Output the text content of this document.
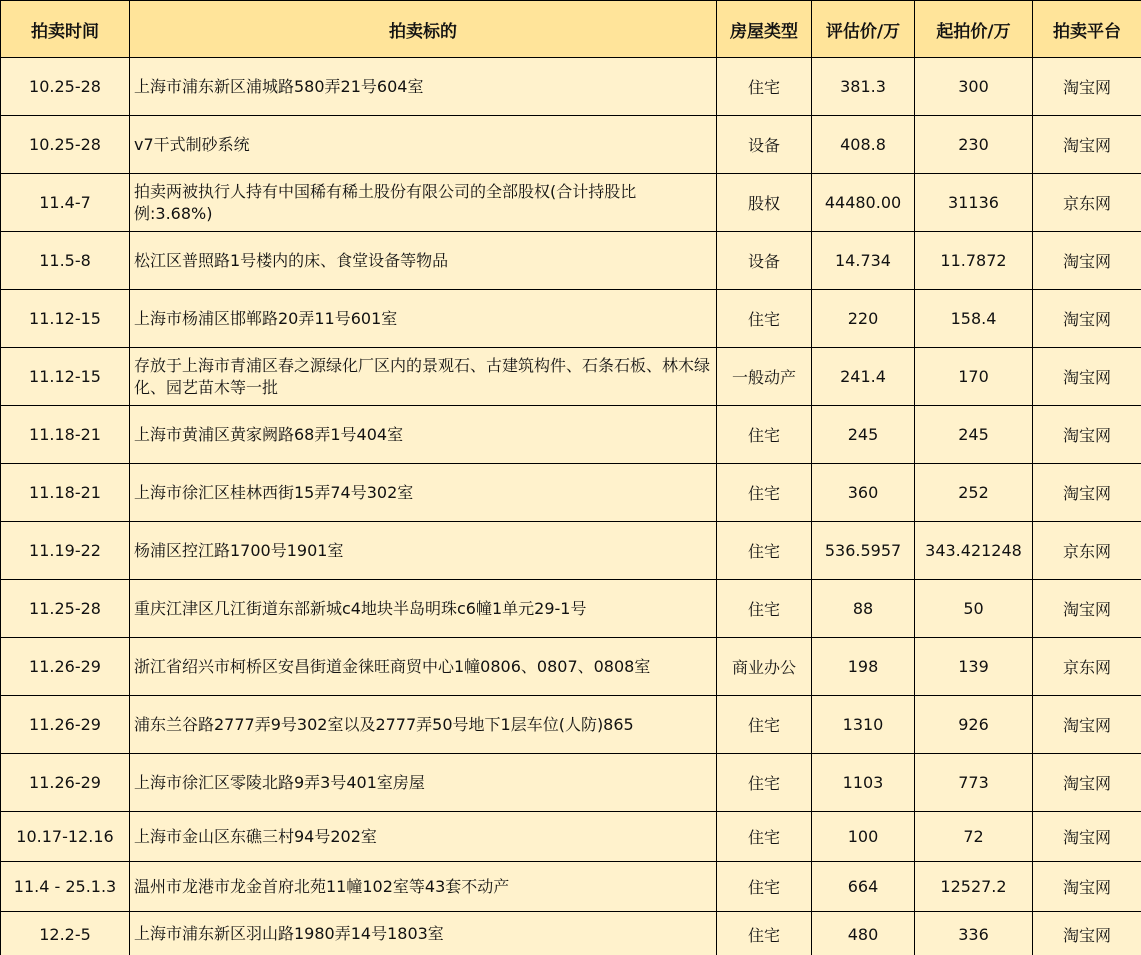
拍卖时间	拍卖标的	房屋类型	评估价/万	起拍价/万	拍卖平台
10.25-28	上海市浦东新区浦城路580弄21号604室	住宅	381.3	300	淘宝网
10.25-28	v7干式制砂系统	设备	408.8	230	淘宝网
11.4-7	拍卖两被执行人持有中国稀有稀土股份有限公司的全部股权(合计持股比例:3.68%)	股权	44480.00	31136	京东网
11.5-8	松江区普照路1号楼内的床、食堂设备等物品	设备	14.734	11.7872	淘宝网
11.12-15	上海市杨浦区邯郸路20弄11号601室	住宅	220	158.4	淘宝网
11.12-15	存放于上海市青浦区春之源绿化厂区内的景观石、古建筑构件、石条石板、林木绿化、园艺苗木等一批	一般动产	241.4	170	淘宝网
11.18-21	上海市黄浦区黄家阙路68弄1号404室	住宅	245	245	淘宝网
11.18-21	上海市徐汇区桂林西街15弄74号302室	住宅	360	252	淘宝网
11.19-22	杨浦区控江路1700号1901室	住宅	536.5957	343.421248	京东网
11.25-28	重庆江津区几江街道东部新城c4地块半岛明珠c6幢1单元29-1号	住宅	88	50	淘宝网
11.26-29	浙江省绍兴市柯桥区安昌街道金徕旺商贸中心1幢0806、0807、0808室	商业办公	198	139	京东网
11.26-29	浦东兰谷路2777弄9号302室以及2777弄50号地下1层车位(人防)865	住宅	1310	926	淘宝网
11.26-29	上海市徐汇区零陵北路9弄3号401室房屋	住宅	1103	773	淘宝网
10.17-12.16	上海市金山区东礁三村94号202室	住宅	100	72	淘宝网
11.4 - 25.1.3	温州市龙港市龙金首府北苑11幢102室等43套不动产	住宅	664	12527.2	淘宝网
12.2-5	上海市浦东新区羽山路1980弄14号1803室	住宅	480	336	淘宝网
